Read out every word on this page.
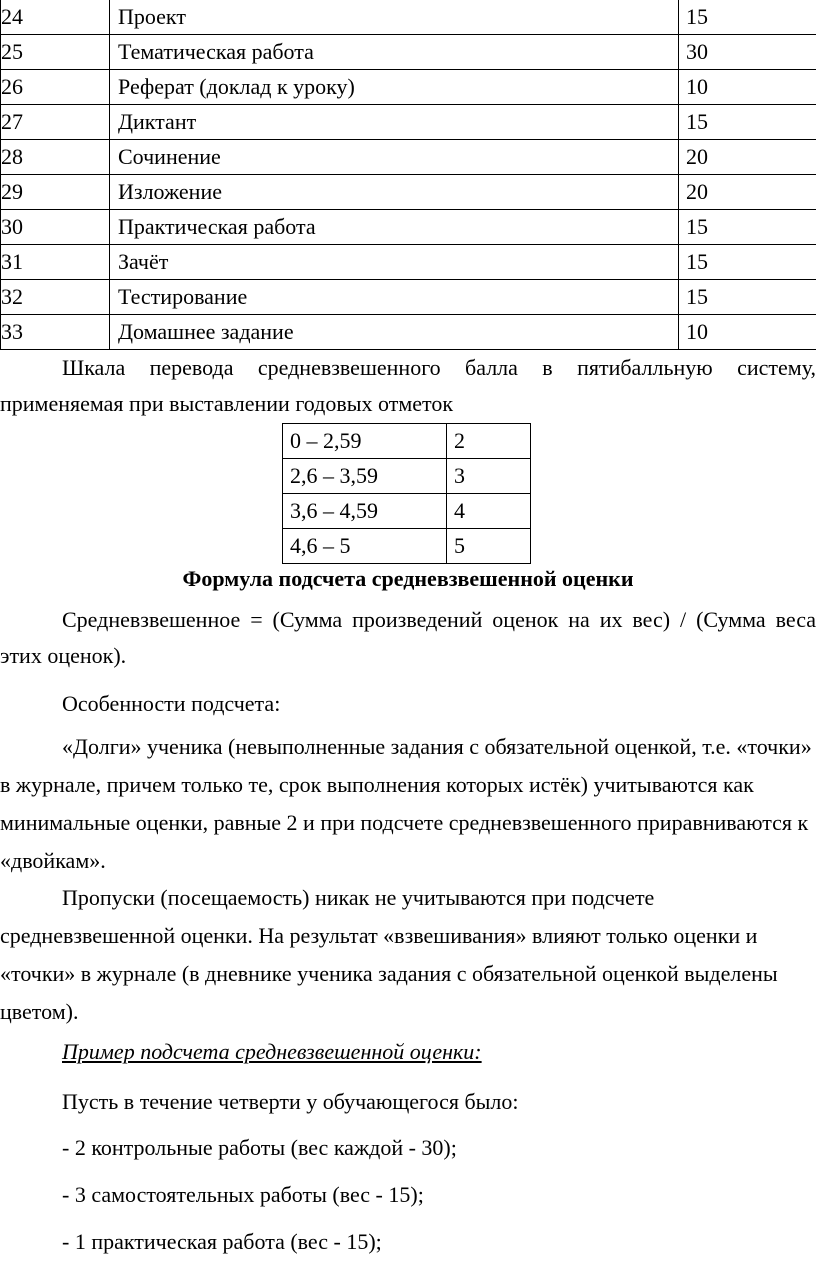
24	Проект	15
25	Тематическая работа	30
26	Реферат (доклад к уроку)	10
27	Диктант	15
28	Сочинение	20
29	Изложение	20
30	Практическая работа	15
31	Зачёт	15
32	Тестирование	15
33	Домашнее задание	10

Шкала перевода средневзвешенного балла в пятибалльную систему, применяемая при выставлении годовых отметок

0 – 2,59	2
2,6 – 3,59	3
3,6 – 4,59	4
4,6 – 5	5

Формула подсчета средневзвешенной оценки

Средневзвешенное = (Сумма произведений оценок на их вес) / (Сумма веса этих оценок).

Особенности подсчета:

«Долги» ученика (невыполненные задания с обязательной оценкой, т.е. «точки» в журнале, причем только те, срок выполнения которых истёк) учитываются как минимальные оценки, равные 2 и при подсчете средневзвешенного приравниваются к «двойкам».

Пропуски (посещаемость) никак не учитываются при подсчете средневзвешенной оценки. На результат «взвешивания» влияют только оценки и «точки» в журнале (в дневнике ученика задания с обязательной оценкой выделены цветом).

Пример подсчета средневзвешенной оценки:

Пусть в течение четверти у обучающегося было:

- 2 контрольные работы (вес каждой - 30);

- 3 самостоятельных работы (вес - 15);

- 1 практическая работа (вес - 15);
